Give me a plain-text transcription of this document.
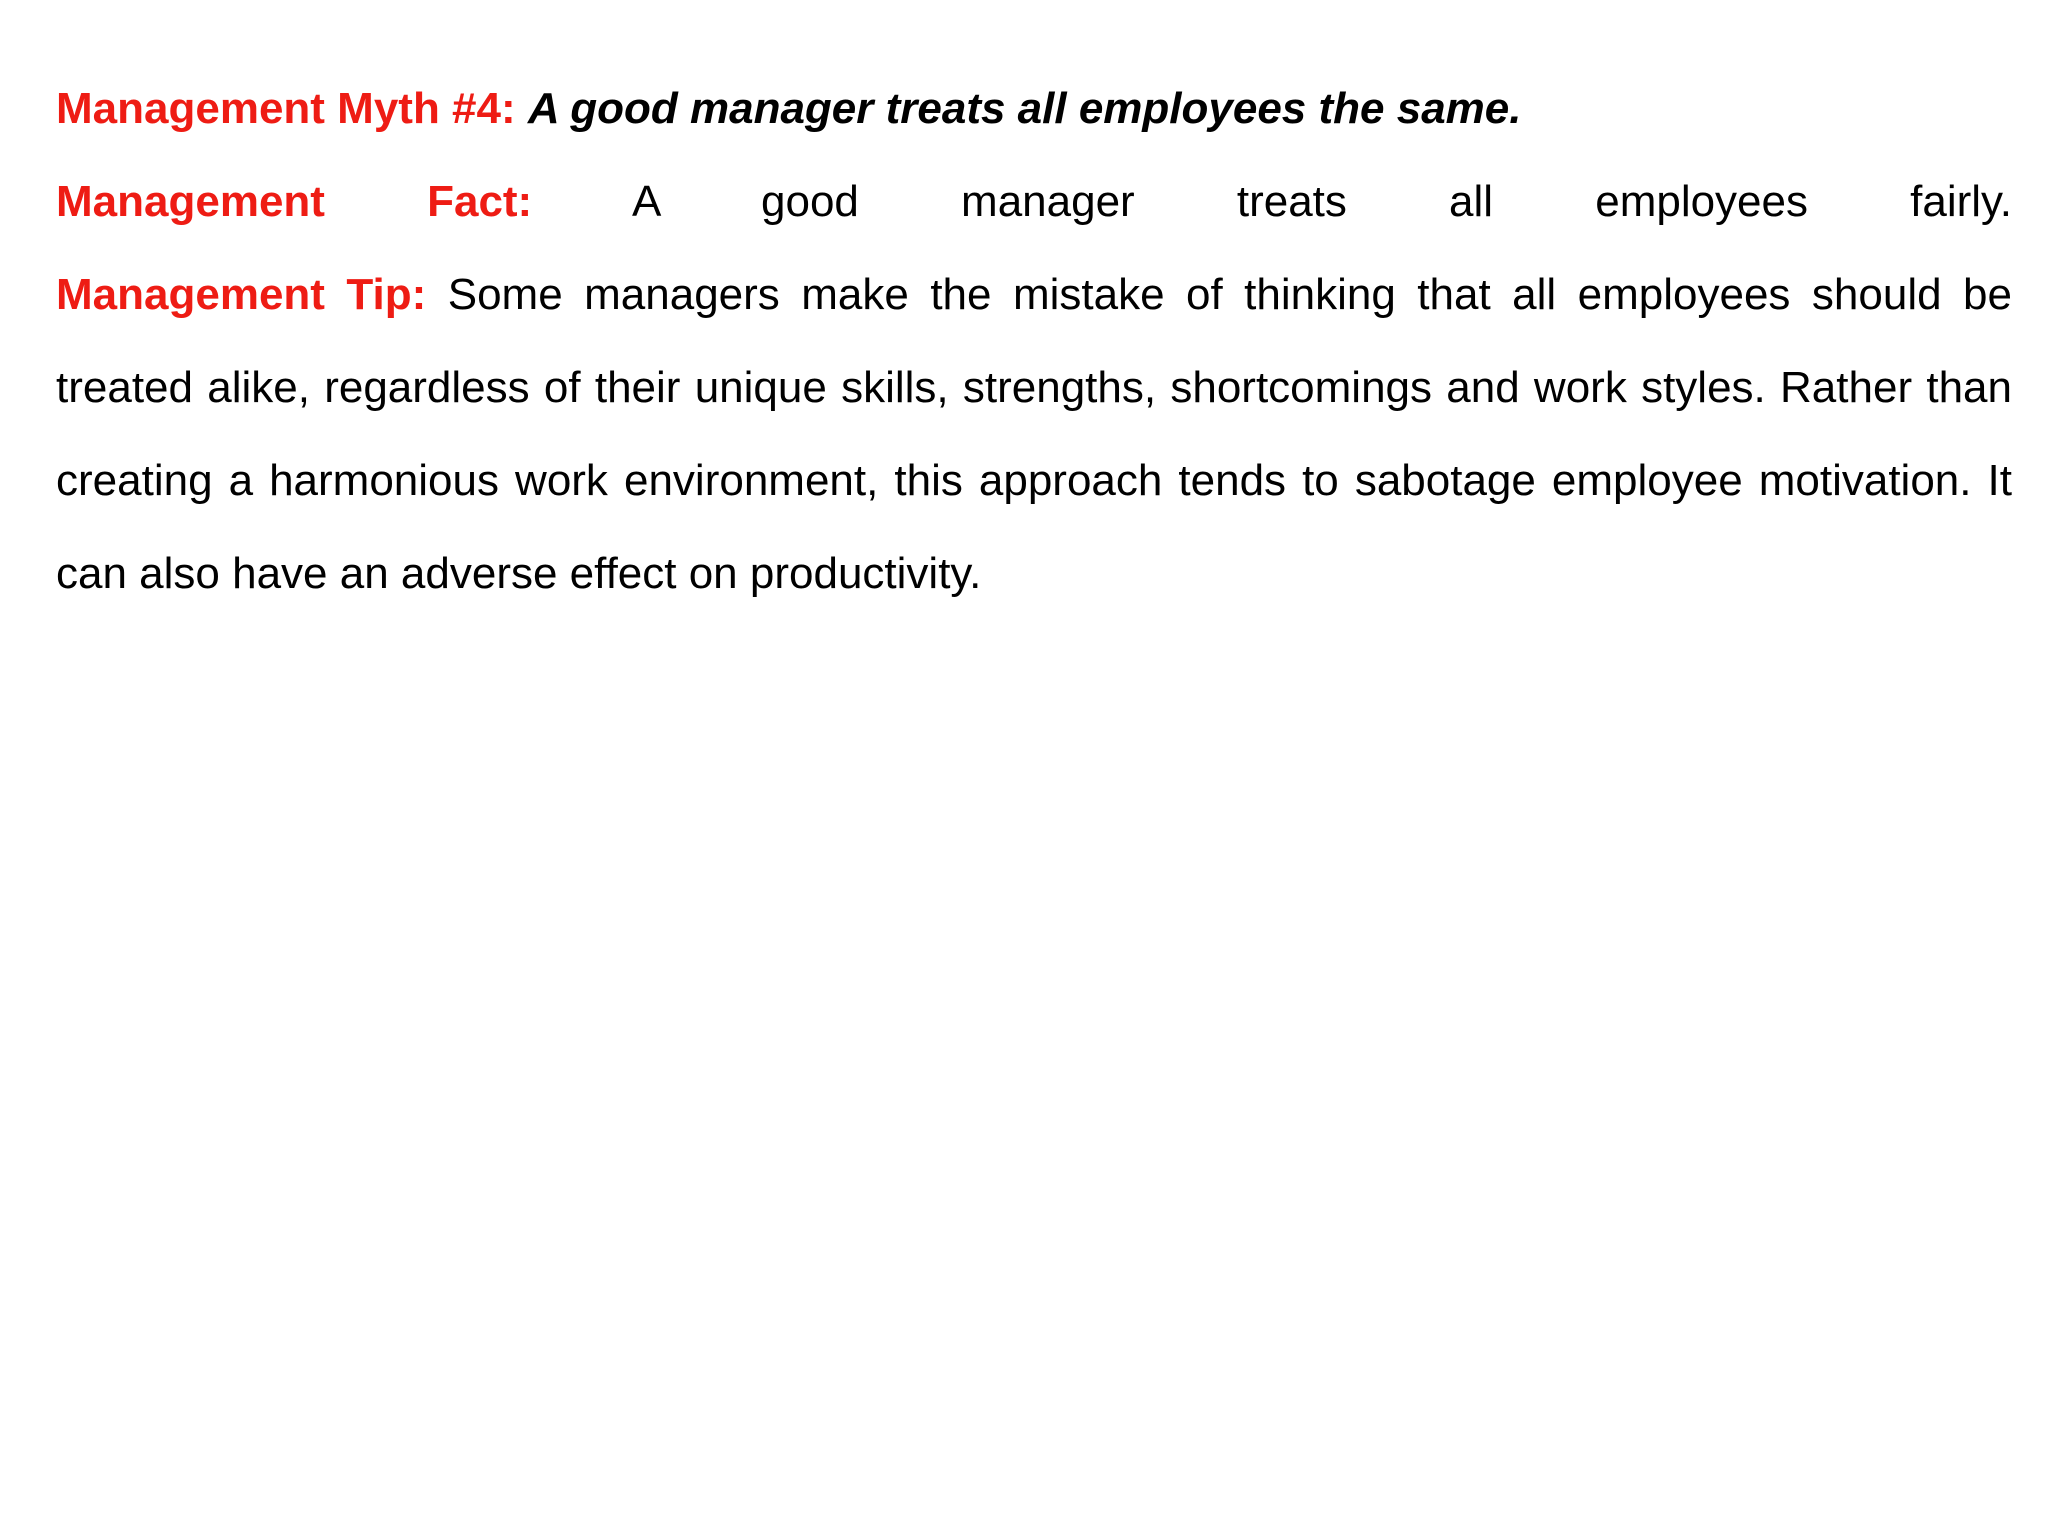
Management Myth #4: A good manager treats all employees the same.

Management Fact: A good manager treats all employees fairly.

Management Tip: Some managers make the mistake of thinking that all employees should be treated alike, regardless of their unique skills, strengths, shortcomings and work styles. Rather than creating a harmonious work environment, this approach tends to sabotage employee motivation. It can also have an adverse effect on productivity.
